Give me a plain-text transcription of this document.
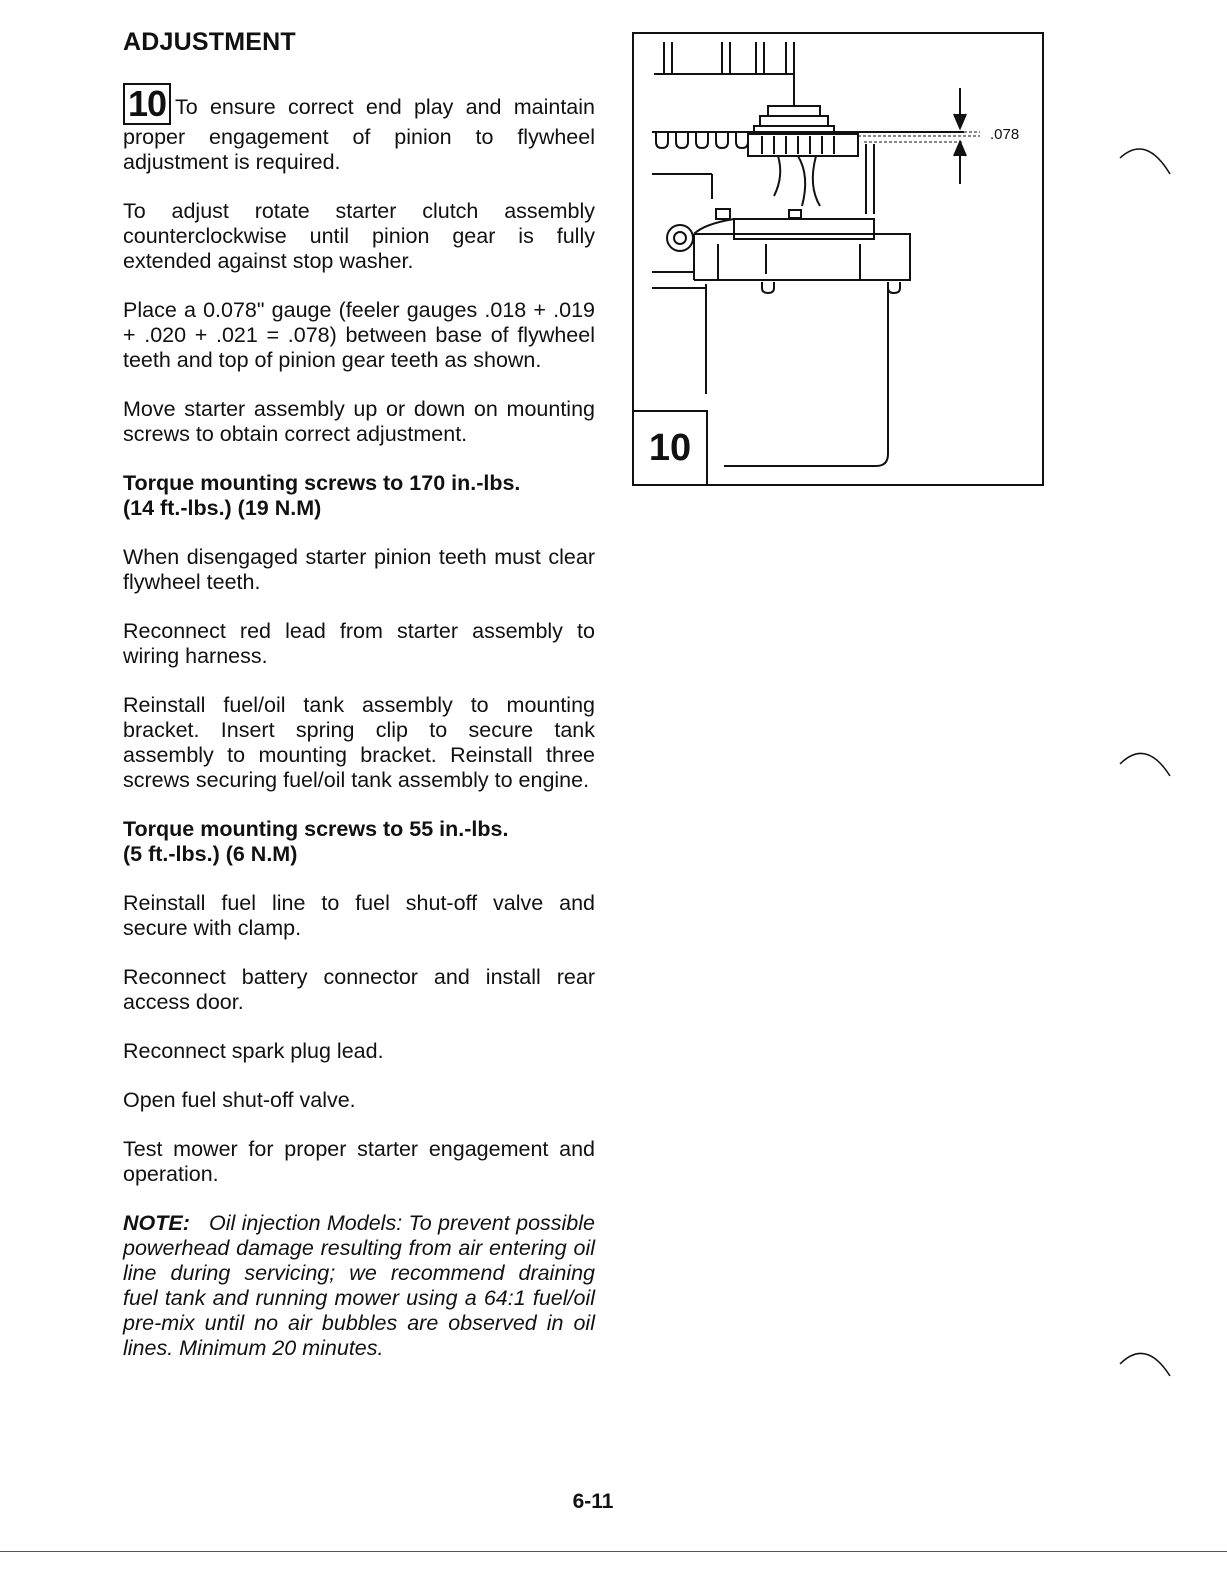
ADJUSTMENT

10 To ensure correct end play and maintain proper engagement of pinion to flywheel adjustment is required.

To adjust rotate starter clutch assembly counterclockwise until pinion gear is fully extended against stop washer.

Place a 0.078" gauge (feeler gauges .018 + .019 + .020 + .021 = .078) between base of flywheel teeth and top of pinion gear teeth as shown.

Move starter assembly up or down on mounting screws to obtain correct adjustment.

Torque mounting screws to 170 in.-lbs.
(14 ft.-lbs.) (19 N.M)

When disengaged starter pinion teeth must clear flywheel teeth.

Reconnect red lead from starter assembly to wiring harness.

Reinstall fuel/oil tank assembly to mounting bracket. Insert spring clip to secure tank assembly to mounting bracket. Reinstall three screws securing fuel/oil tank assembly to engine.

Torque mounting screws to 55 in.-lbs.
(5 ft.-lbs.) (6 N.M)

Reinstall fuel line to fuel shut-off valve and secure with clamp.

Reconnect battery connector and install rear access door.

Reconnect spark plug lead.

Open fuel shut-off valve.

Test mower for proper starter engagement and operation.

NOTE: Oil injection Models: To prevent possible powerhead damage resulting from air entering oil line during servicing; we recommend draining fuel tank and running mower using a 64:1 fuel/oil pre-mix until no air bubbles are observed in oil lines. Minimum 20 minutes.

.078
10
6-11
